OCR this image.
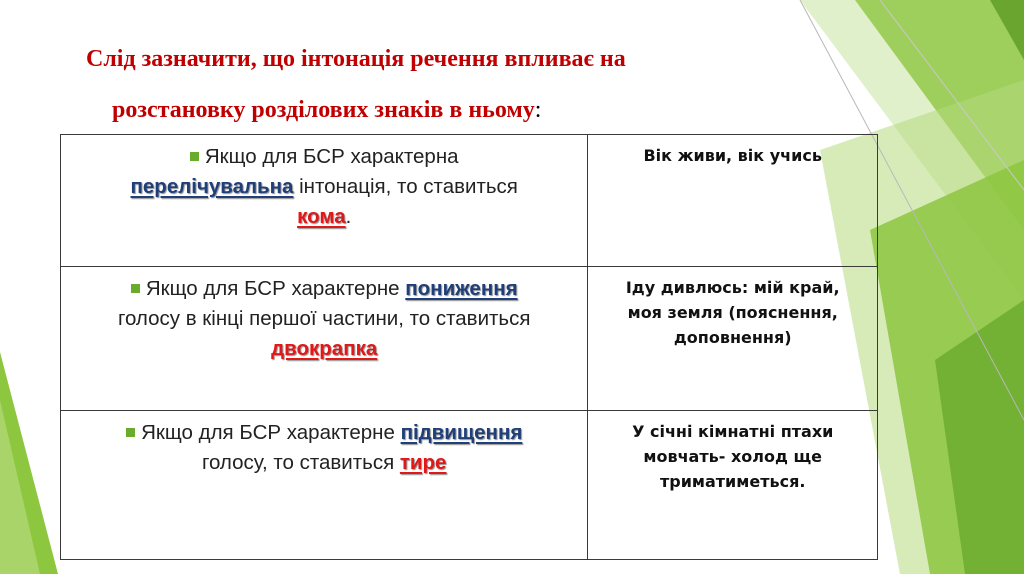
Слід зазначити, що інтонація речення впливає на
розстановку розділових знаків в ньому:
Якщо для БСР характерна
перелічувальна інтонація, то ставиться
кома.	Вік живи, вік учись
Якщо для БСР характерне пониження
голосу в кінці першої частини, то ставиться
двокрапка	Іду дивлюсь: мій край, моя земля (пояснення, доповнення)
Якщо для БСР характерне підвищення
голосу, то ставиться тире	У січні кімнатні птахи мовчать- холод ще триматиметься.
